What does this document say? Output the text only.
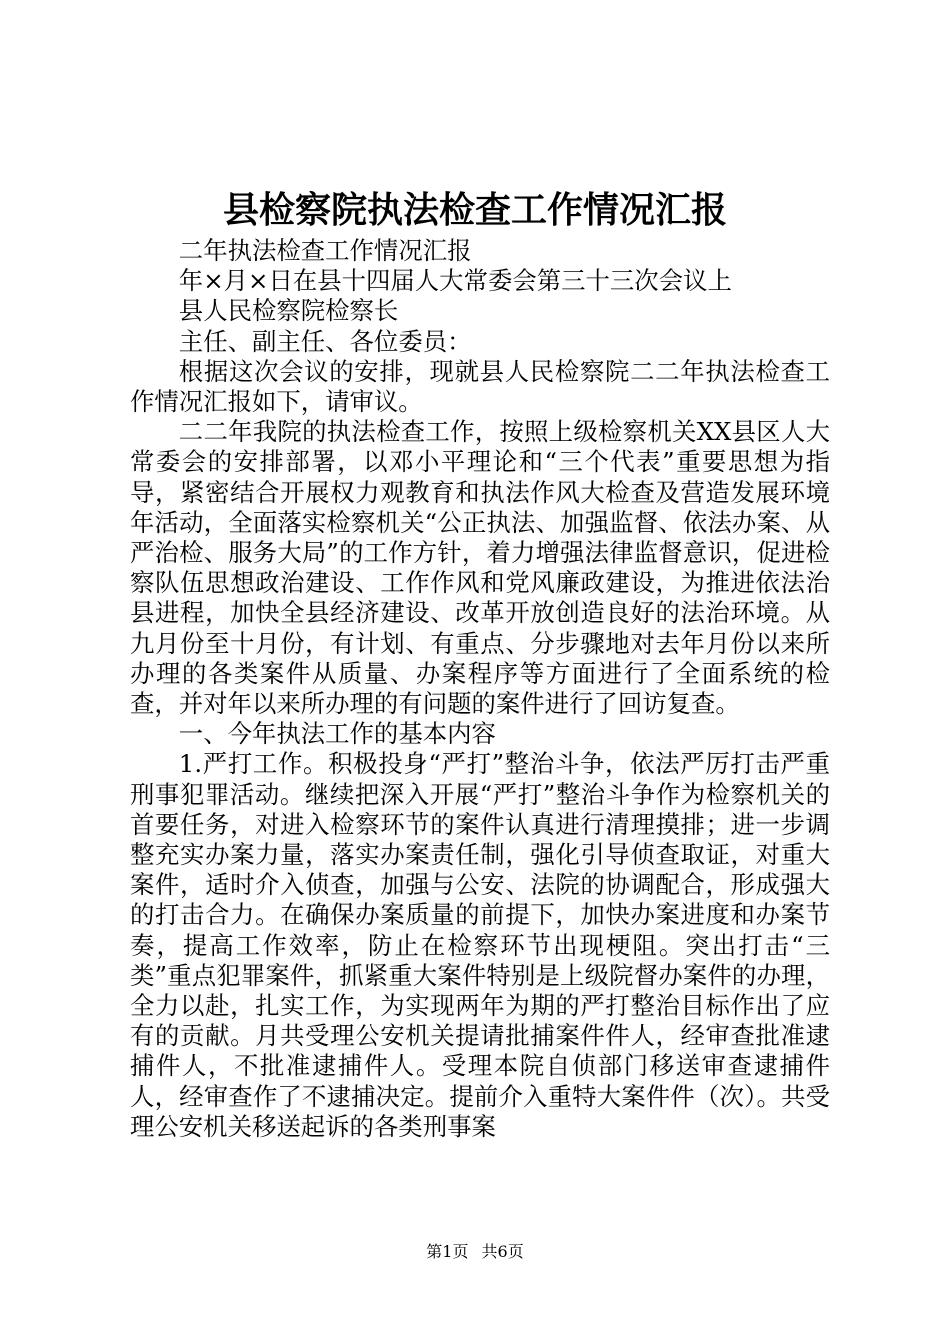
县检察院执法检查工作情况汇报

二年执法检查工作情况汇报

年×月×日在县十四届人大常委会第三十三次会议上

县人民检察院检察长

主任、副主任、各位委员：

根据这次会议的安排，现就县人民检察院二二年执法检查工作情况汇报如下，请审议。

二二年我院的执法检查工作，按照上级检察机关XX县区人大常委会的安排部署，以邓小平理论和“三个代表”重要思想为指导，紧密结合开展权力观教育和执法作风大检查及营造发展环境年活动，全面落实检察机关“公正执法、加强监督、依法办案、从严治检、服务大局”的工作方针，着力增强法律监督意识，促进检察队伍思想政治建设、工作作风和党风廉政建设，为推进依法治县进程，加快全县经济建设、改革开放创造良好的法治环境。从九月份至十月份，有计划、有重点、分步骤地对去年月份以来所办理的各类案件从质量、办案程序等方面进行了全面系统的检查，并对年以来所办理的有问题的案件进行了回访复查。

一、今年执法工作的基本内容

1.严打工作。积极投身“严打”整治斗争，依法严厉打击严重刑事犯罪活动。继续把深入开展“严打”整治斗争作为检察机关的首要任务，对进入检察环节的案件认真进行清理摸排；进一步调整充实办案力量，落实办案责任制，强化引导侦查取证，对重大案件，适时介入侦查，加强与公安、法院的协调配合，形成强大的打击合力。在确保办案质量的前提下，加快办案进度和办案节奏，提高工作效率，防止在检察环节出现梗阻。突出打击“三类”重点犯罪案件，抓紧重大案件特别是上级院督办案件的办理，全力以赴，扎实工作，为实现两年为期的严打整治目标作出了应有的贡献。月共受理公安机关提请批捕案件件人，经审查批准逮捕件人，不批准逮捕件人。受理本院自侦部门移送审查逮捕件人，经审查作了不逮捕决定。提前介入重特大案件件（次）。共受理公安机关移送起诉的各类刑事案

第1页 共6页
